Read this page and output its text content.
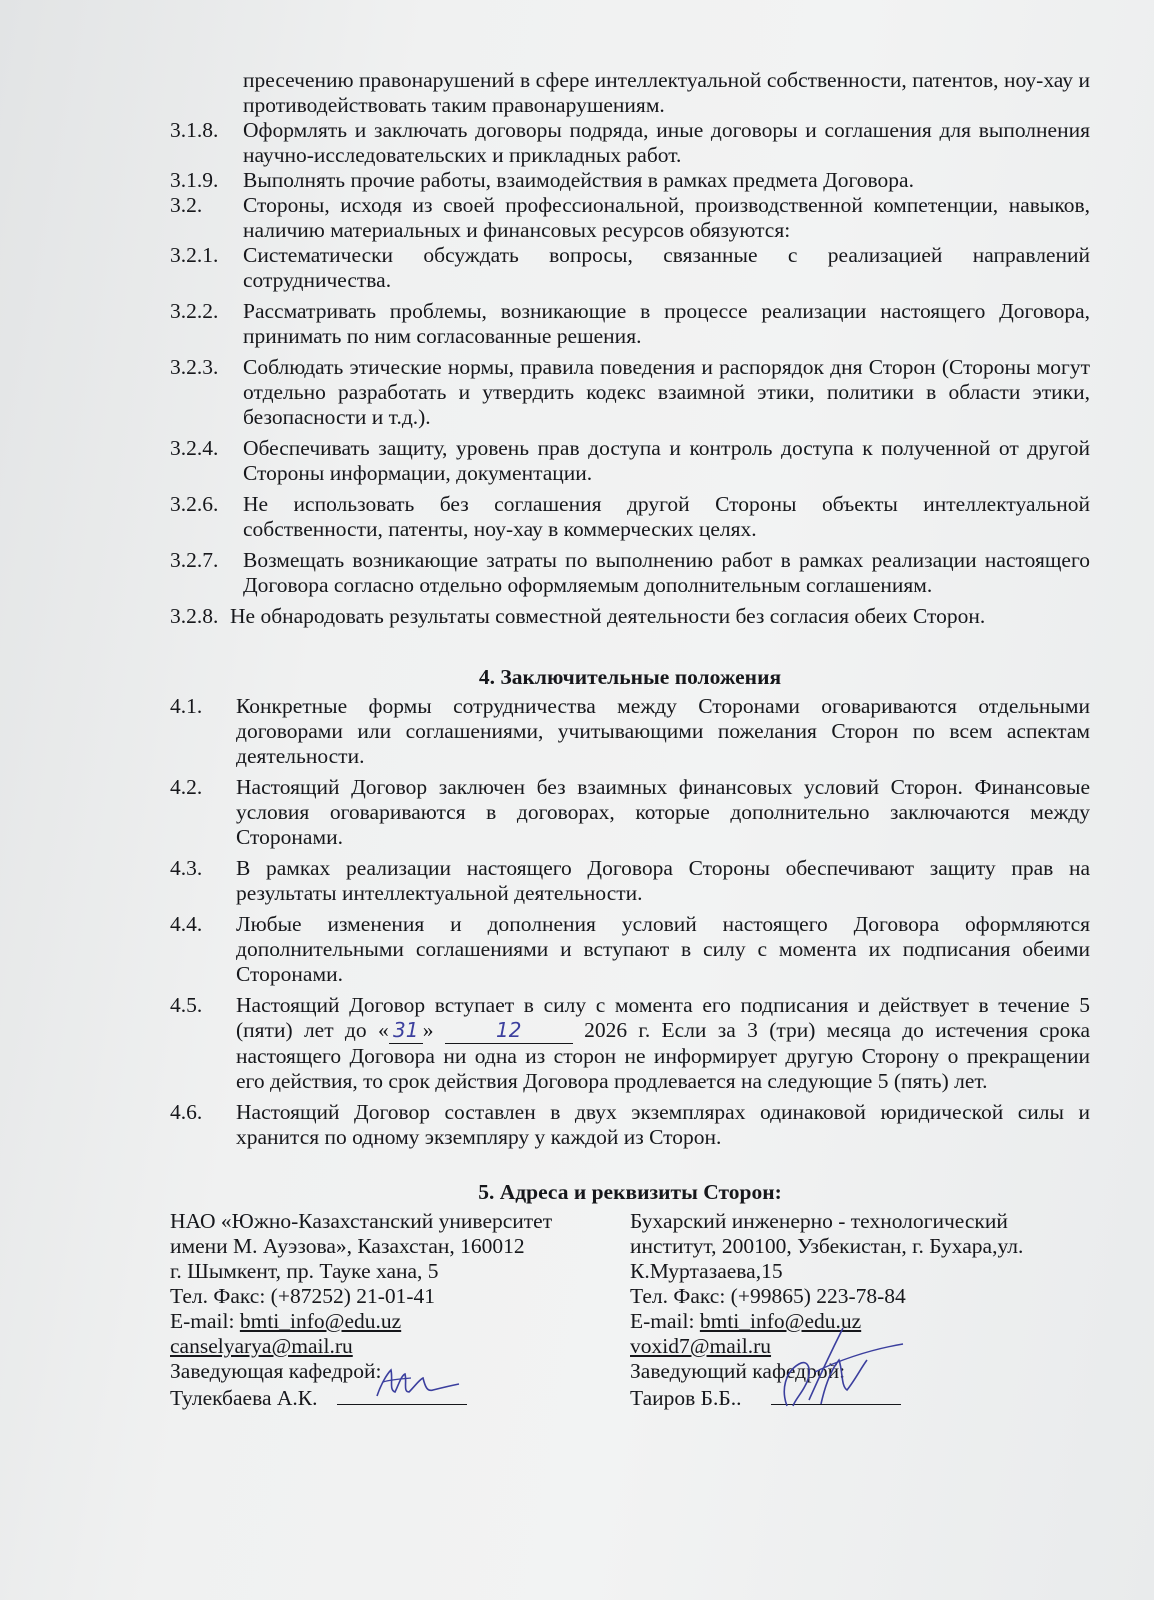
пресечению правонарушений в сфере интеллектуальной собственности, патентов, ноу-хау и противодействовать таким правонарушениям.

3.1.8. Оформлять и заключать договоры подряда, иные договоры и соглашения для выполнения научно-исследовательских и прикладных работ.

3.1.9. Выполнять прочие работы, взаимодействия в рамках предмета Договора.

3.2. Стороны, исходя из своей профессиональной, производственной компетенции, навыков, наличию материальных и финансовых ресурсов обязуются:

3.2.1. Систематически обсуждать вопросы, связанные с реализацией направлений сотрудничества.

3.2.2. Рассматривать проблемы, возникающие в процессе реализации настоящего Договора, принимать по ним согласованные решения.

3.2.3. Соблюдать этические нормы, правила поведения и распорядок дня Сторон (Стороны могут отдельно разработать и утвердить кодекс взаимной этики, политики в области этики, безопасности и т.д.).

3.2.4. Обеспечивать защиту, уровень прав доступа и контроль доступа к полученной от другой Стороны информации, документации.

3.2.6. Не использовать без соглашения другой Стороны объекты интеллектуальной собственности, патенты, ноу-хау в коммерческих целях.

3.2.7. Возмещать возникающие затраты по выполнению работ в рамках реализации настоящего Договора согласно отдельно оформляемым дополнительным соглашениям.

3.2.8. Не обнародовать результаты совместной деятельности без согласия обеих Сторон.

4. Заключительные положения

4.1. Конкретные формы сотрудничества между Сторонами оговариваются отдельными договорами или соглашениями, учитывающими пожелания Сторон по всем аспектам деятельности.

4.2. Настоящий Договор заключен без взаимных финансовых условий Сторон. Финансовые условия оговариваются в договорах, которые дополнительно заключаются между Сторонами.

4.3. В рамках реализации настоящего Договора Стороны обеспечивают защиту прав на результаты интеллектуальной деятельности.

4.4. Любые изменения и дополнения условий настоящего Договора оформляются дополнительными соглашениями и вступают в силу с момента их подписания обеими Сторонами.

4.5. Настоящий Договор вступает в силу с момента его подписания и действует в течение 5 (пяти) лет до « 31 »	12 2026 г. Если за 3 (три) месяца до истечения срока настоящего Договора ни одна из сторон не информирует другую Сторону о прекращении его действия, то срок действия Договора продлевается на следующие 5 (пять) лет.

4.6. Настоящий Договор составлен в двух экземплярах одинаковой юридической силы и хранится по одному экземпляру у каждой из Сторон.

5. Адреса и реквизиты Сторон:
НАО «Южно-Казахстанский университет
имени М. Ауэзова», Казахстан, 160012
г. Шымкент, пр. Тауке хана, 5
Тел. Факс: (+87252) 21-01-41
E-mail: bmti_info@edu.uz
canselyarya@mail.ru
Заведующая кафедрой:
Тулекбаева А.К.
Бухарский инженерно - технологический
институт, 200100, Узбекистан, г. Бухара,ул.
К.Муртазаева,15
Тел. Факс: (+99865) 223-78-84
E-mail: bmti_info@edu.uz
voxid7@mail.ru
Заведующий кафедрой:
Таиров Б.Б..
